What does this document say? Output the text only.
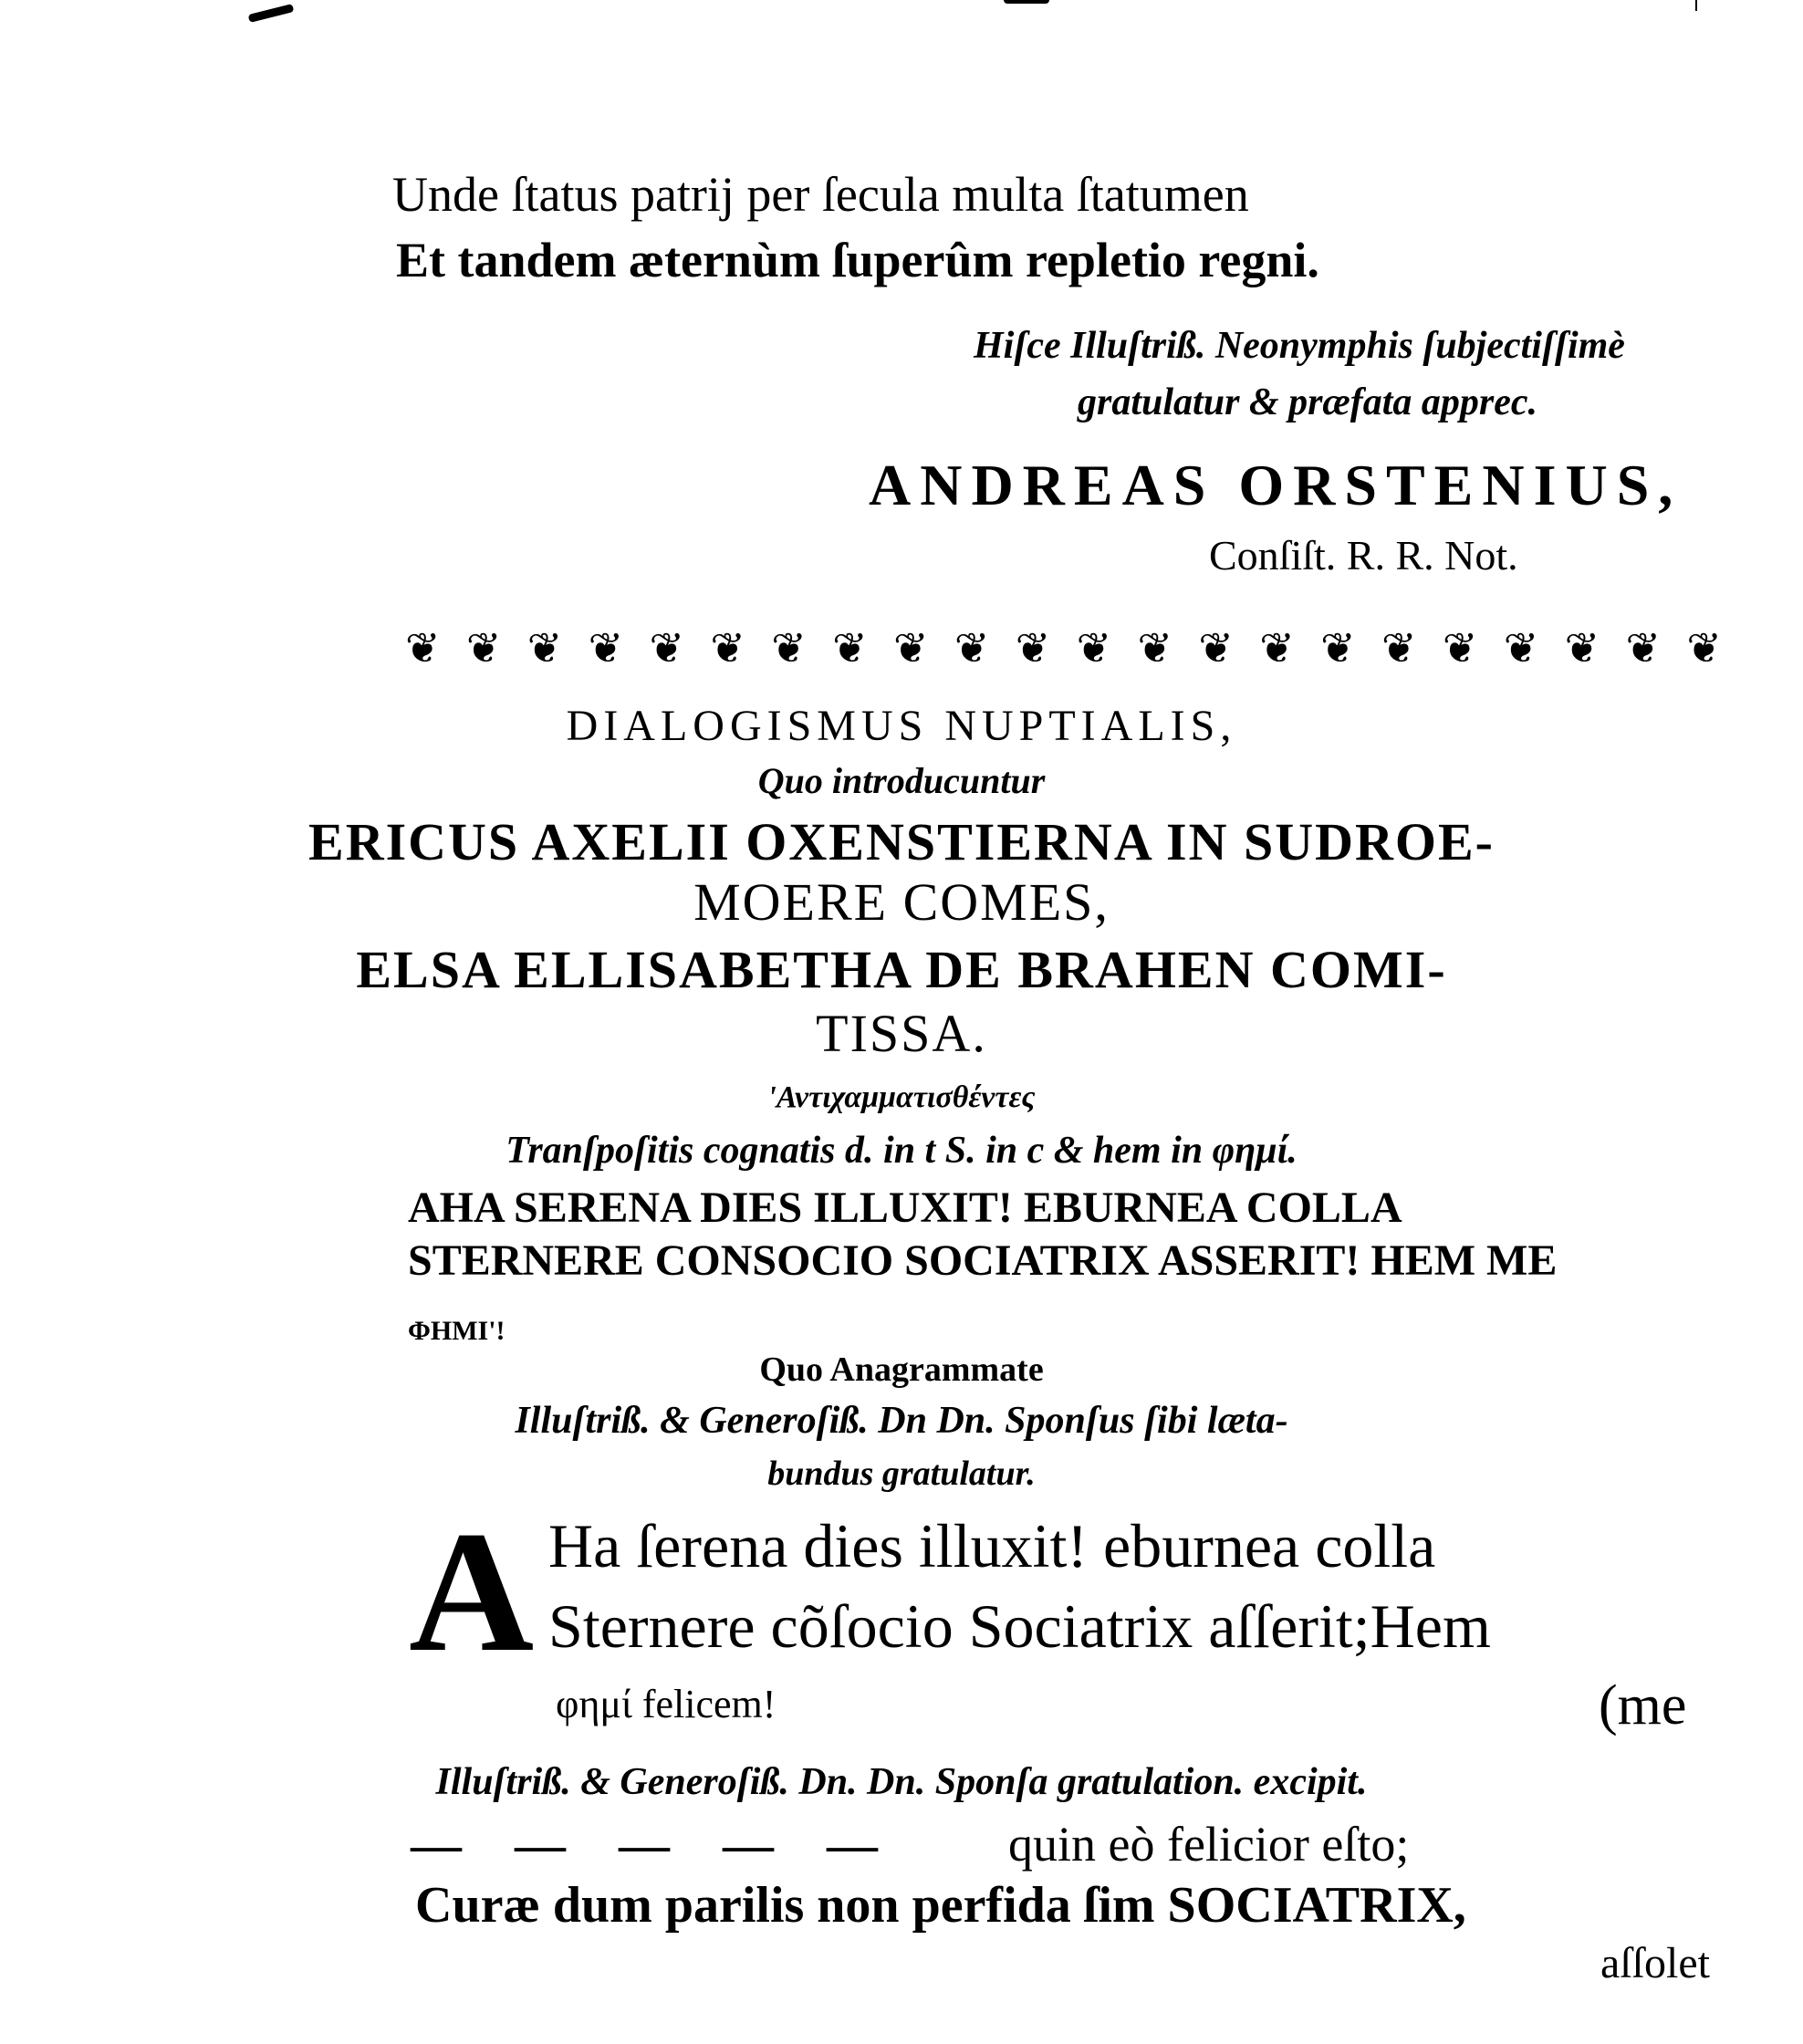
Unde ſtatus patrij per ſecula multa ſtatumen
Et tandem æternùm ſuperûm repletio regni.
Hiſce Illuſtriß. Neonymphis ſubjectiſſimè
gratulatur & præfata apprec.
ANDREAS ORSTENIUS,
Conſiſt. R. R. Not.
❦ ❦ ❦ ❦ ❦ ❦ ❦ ❦ ❦ ❦ ❦ ❦ ❦ ❦ ❦ ❦ ❦ ❦ ❦ ❦ ❦ ❦
DIALOGISMUS NUPTIALIS,
Quo introducuntur
ERICUS AXELII OXENSTIERNA IN SUDROE-
MOERE COMES,
ELSA ELLISABETHA DE BRAHEN COMI-
TISSA.
'Αντιχαμματισθέντες
Tranſpoſitis cognatis d. in t S. in c & hem in φημί.
AHA SERENA DIES ILLUXIT! EBURNEA COLLA
STERNERE CONSOCIO SOCIATRIX ASSERIT! HEM ME
ΦHMI'!
Quo Anagrammate
Illuſtriß. & Generoſiß. Dn Dn. Sponſus ſibi læta-
bundus gratulatur.
A Ha ſerena dies illuxit! eburnea colla
Sternere cõſocio Sociatrix aſſerit;Hem
φημί felicem!	(me
Illuſtriß. & Generoſiß. Dn. Dn. Sponſa gratulation. excipit.
— — — — — quin eò felicior eſto;
Curæ dum parilis non perfida ſim SOCIATRIX,
aſſolet
